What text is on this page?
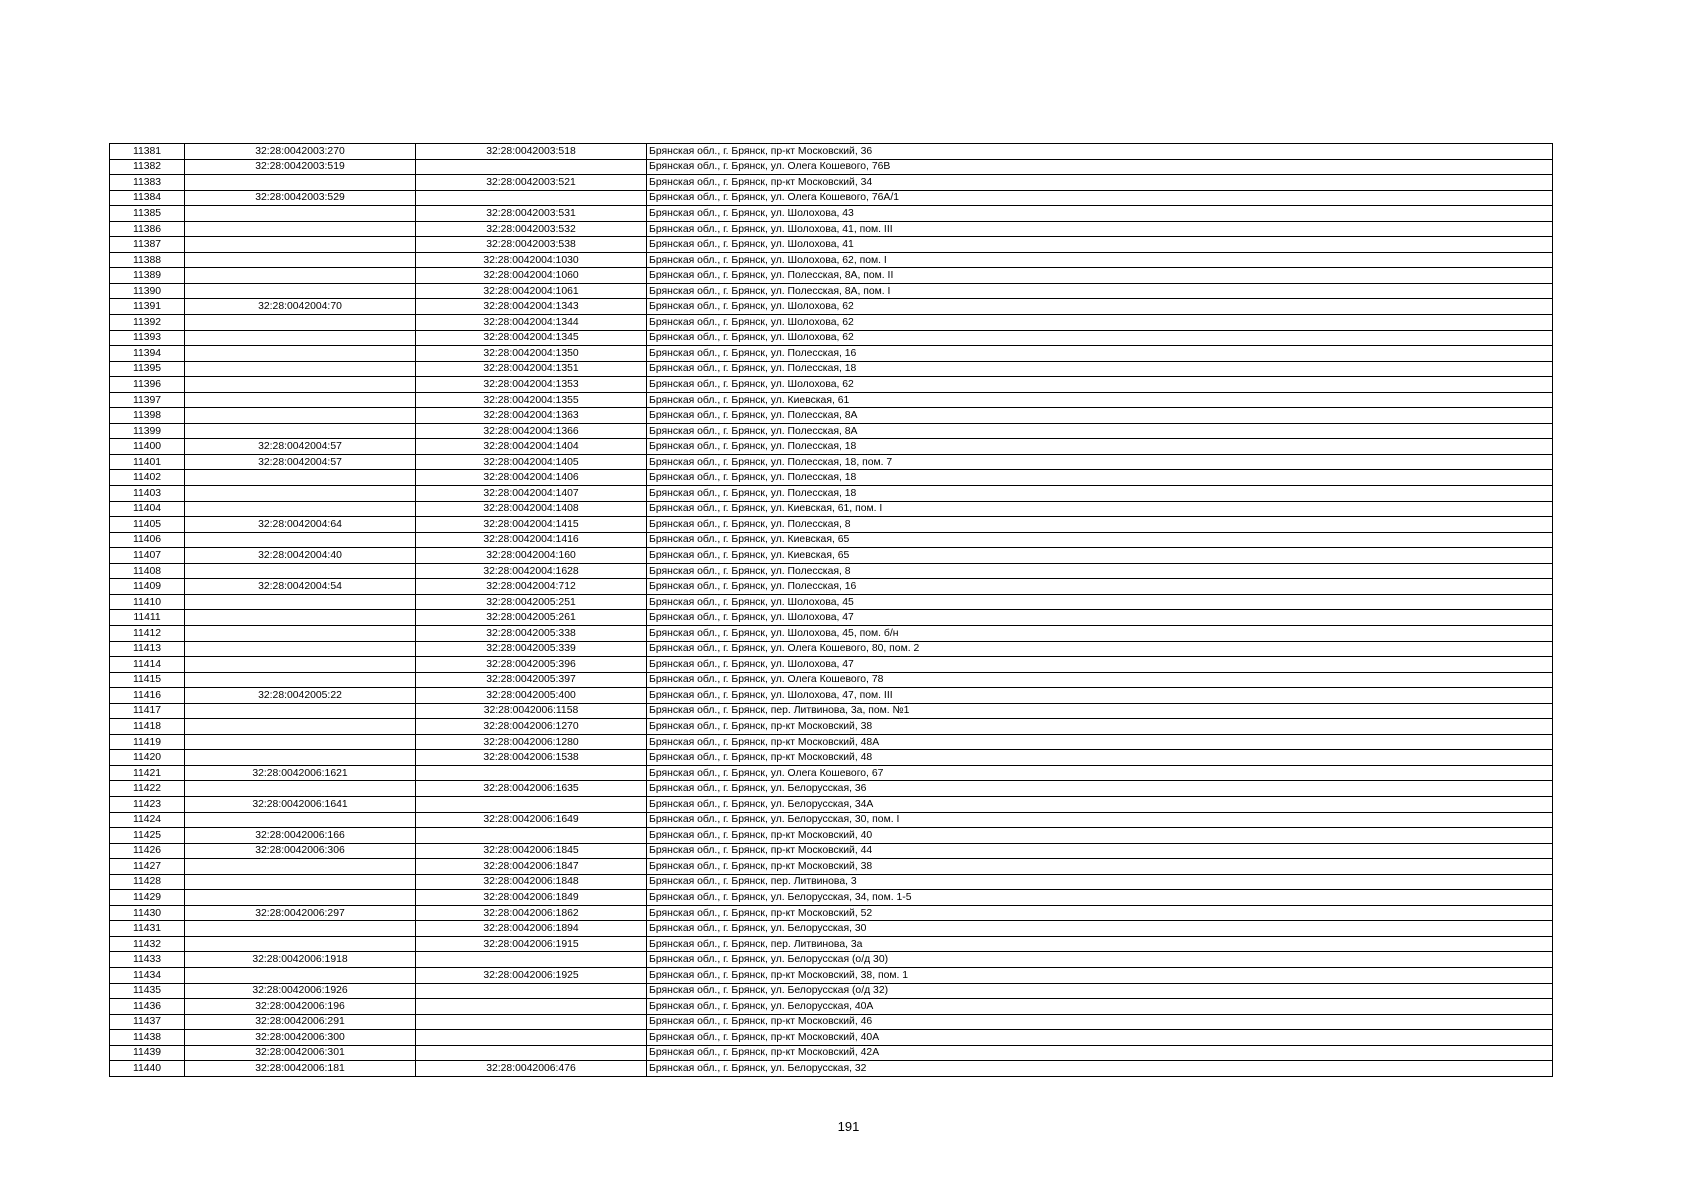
11381	32:28:0042003:270	32:28:0042003:518	Брянская обл., г. Брянск, пр-кт Московский, 36
11382	32:28:0042003:519		Брянская обл., г. Брянск, ул. Олега Кошевого, 76В
11383		32:28:0042003:521	Брянская обл., г. Брянск, пр-кт Московский, 34
11384	32:28:0042003:529		Брянская обл., г. Брянск, ул. Олега Кошевого, 76А/1
11385		32:28:0042003:531	Брянская обл., г. Брянск, ул. Шолохова, 43
11386		32:28:0042003:532	Брянская обл., г. Брянск, ул. Шолохова, 41, пом. III
11387		32:28:0042003:538	Брянская обл., г. Брянск, ул. Шолохова, 41
11388		32:28:0042004:1030	Брянская обл., г. Брянск, ул. Шолохова, 62, пом. I
11389		32:28:0042004:1060	Брянская обл., г. Брянск, ул. Полесская, 8А, пом. II
11390		32:28:0042004:1061	Брянская обл., г. Брянск, ул. Полесская, 8А, пом. I
11391	32:28:0042004:70	32:28:0042004:1343	Брянская обл., г. Брянск, ул. Шолохова, 62
11392		32:28:0042004:1344	Брянская обл., г. Брянск, ул. Шолохова, 62
11393		32:28:0042004:1345	Брянская обл., г. Брянск, ул. Шолохова, 62
11394		32:28:0042004:1350	Брянская обл., г. Брянск, ул. Полесская, 16
11395		32:28:0042004:1351	Брянская обл., г. Брянск, ул. Полесская, 18
11396		32:28:0042004:1353	Брянская обл., г. Брянск, ул. Шолохова, 62
11397		32:28:0042004:1355	Брянская обл., г. Брянск, ул. Киевская, 61
11398		32:28:0042004:1363	Брянская обл., г. Брянск, ул. Полесская, 8А
11399		32:28:0042004:1366	Брянская обл., г. Брянск, ул. Полесская, 8А
11400	32:28:0042004:57	32:28:0042004:1404	Брянская обл., г. Брянск, ул. Полесская, 18
11401	32:28:0042004:57	32:28:0042004:1405	Брянская обл., г. Брянск, ул. Полесская, 18, пом. 7
11402		32:28:0042004:1406	Брянская обл., г. Брянск, ул. Полесская, 18
11403		32:28:0042004:1407	Брянская обл., г. Брянск, ул. Полесская, 18
11404		32:28:0042004:1408	Брянская обл., г. Брянск, ул. Киевская, 61, пом. I
11405	32:28:0042004:64	32:28:0042004:1415	Брянская обл., г. Брянск, ул. Полесская, 8
11406		32:28:0042004:1416	Брянская обл., г. Брянск, ул. Киевская, 65
11407	32:28:0042004:40	32:28:0042004:160	Брянская обл., г. Брянск, ул. Киевская, 65
11408		32:28:0042004:1628	Брянская обл., г. Брянск, ул. Полесская, 8
11409	32:28:0042004:54	32:28:0042004:712	Брянская обл., г. Брянск, ул. Полесская, 16
11410		32:28:0042005:251	Брянская обл., г. Брянск, ул. Шолохова, 45
11411		32:28:0042005:261	Брянская обл., г. Брянск, ул. Шолохова, 47
11412		32:28:0042005:338	Брянская обл., г. Брянск, ул. Шолохова, 45, пом. б/н
11413		32:28:0042005:339	Брянская обл., г. Брянск, ул. Олега Кошевого, 80, пом. 2
11414		32:28:0042005:396	Брянская обл., г. Брянск, ул. Шолохова, 47
11415		32:28:0042005:397	Брянская обл., г. Брянск, ул. Олега Кошевого, 78
11416	32:28:0042005:22	32:28:0042005:400	Брянская обл., г. Брянск, ул. Шолохова, 47, пом. III
11417		32:28:0042006:1158	Брянская обл., г. Брянск, пер. Литвинова, 3а, пом. №1
11418		32:28:0042006:1270	Брянская обл., г. Брянск, пр-кт Московский, 38
11419		32:28:0042006:1280	Брянская обл., г. Брянск, пр-кт Московский, 48А
11420		32:28:0042006:1538	Брянская обл., г. Брянск, пр-кт Московский, 48
11421	32:28:0042006:1621		Брянская обл., г. Брянск, ул. Олега Кошевого, 67
11422		32:28:0042006:1635	Брянская обл., г. Брянск, ул. Белорусская, 36
11423	32:28:0042006:1641		Брянская обл., г. Брянск, ул. Белорусская, 34А
11424		32:28:0042006:1649	Брянская обл., г. Брянск, ул. Белорусская, 30, пом. I
11425	32:28:0042006:166		Брянская обл., г. Брянск, пр-кт Московский, 40
11426	32:28:0042006:306	32:28:0042006:1845	Брянская обл., г. Брянск, пр-кт Московский, 44
11427		32:28:0042006:1847	Брянская обл., г. Брянск, пр-кт Московский, 38
11428		32:28:0042006:1848	Брянская обл., г. Брянск, пер. Литвинова, 3
11429		32:28:0042006:1849	Брянская обл., г. Брянск, ул. Белорусская, 34, пом. 1-5
11430	32:28:0042006:297	32:28:0042006:1862	Брянская обл., г. Брянск, пр-кт Московский, 52
11431		32:28:0042006:1894	Брянская обл., г. Брянск, ул. Белорусская, 30
11432		32:28:0042006:1915	Брянская обл., г. Брянск, пер. Литвинова, 3а
11433	32:28:0042006:1918		Брянская обл., г. Брянск, ул. Белорусская (о/д 30)
11434		32:28:0042006:1925	Брянская обл., г. Брянск, пр-кт Московский, 38, пом. 1
11435	32:28:0042006:1926		Брянская обл., г. Брянск, ул. Белорусская (о/д 32)
11436	32:28:0042006:196		Брянская обл., г. Брянск, ул. Белорусская, 40А
11437	32:28:0042006:291		Брянская обл., г. Брянск, пр-кт Московский, 46
11438	32:28:0042006:300		Брянская обл., г. Брянск, пр-кт Московский, 40А
11439	32:28:0042006:301		Брянская обл., г. Брянск, пр-кт Московский, 42А
11440	32:28:0042006:181	32:28:0042006:476	Брянская обл., г. Брянск, ул. Белорусская, 32
191
